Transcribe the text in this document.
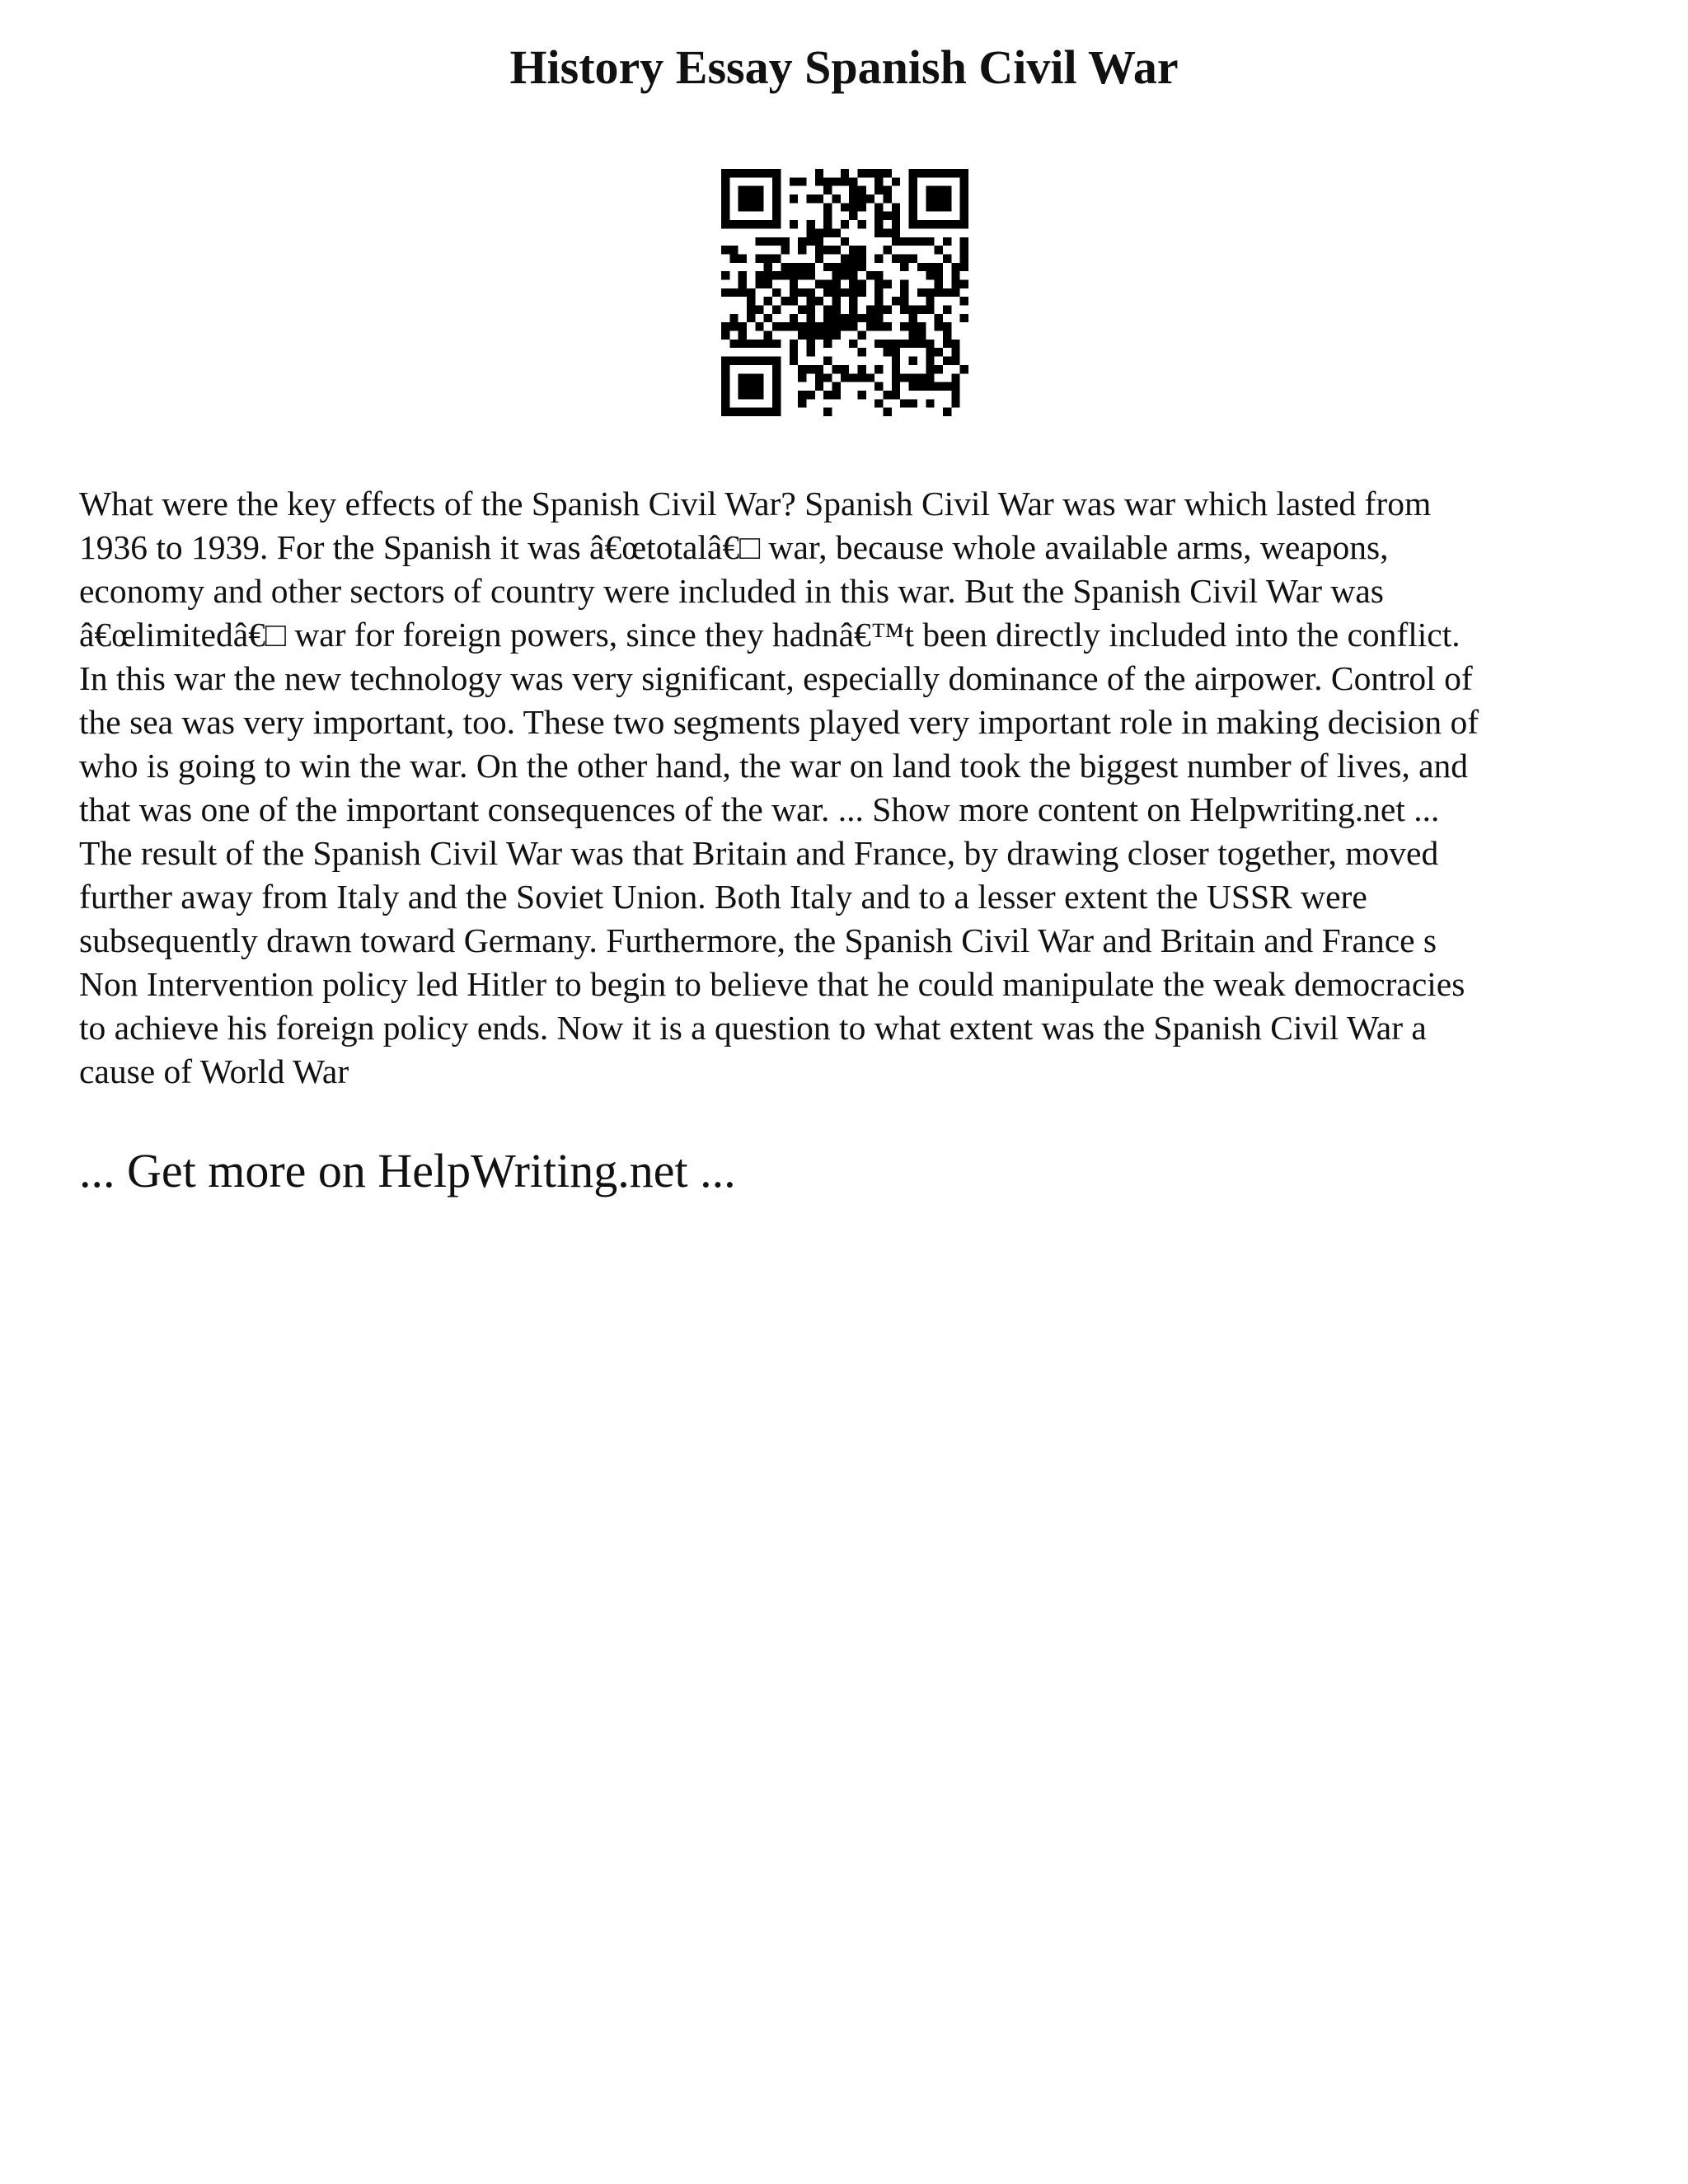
History Essay Spanish Civil War

What were the key effects of the Spanish Civil War? Spanish Civil War was war which lasted from
1936 to 1939. For the Spanish it was â€œtotalâ€□ war, because whole available arms, weapons,
economy and other sectors of country were included in this war. But the Spanish Civil War was
â€œlimitedâ€□ war for foreign powers, since they hadnâ€™t been directly included into the conflict.
In this war the new technology was very significant, especially dominance of the airpower. Control of
the sea was very important, too. These two segments played very important role in making decision of
who is going to win the war. On the other hand, the war on land took the biggest number of lives, and
that was one of the important consequences of the war. ... Show more content on Helpwriting.net ...
The result of the Spanish Civil War was that Britain and France, by drawing closer together, moved
further away from Italy and the Soviet Union. Both Italy and to a lesser extent the USSR were
subsequently drawn toward Germany. Furthermore, the Spanish Civil War and Britain and France s
Non Intervention policy led Hitler to begin to believe that he could manipulate the weak democracies
to achieve his foreign policy ends. Now it is a question to what extent was the Spanish Civil War a
cause of World War

... Get more on HelpWriting.net ...
